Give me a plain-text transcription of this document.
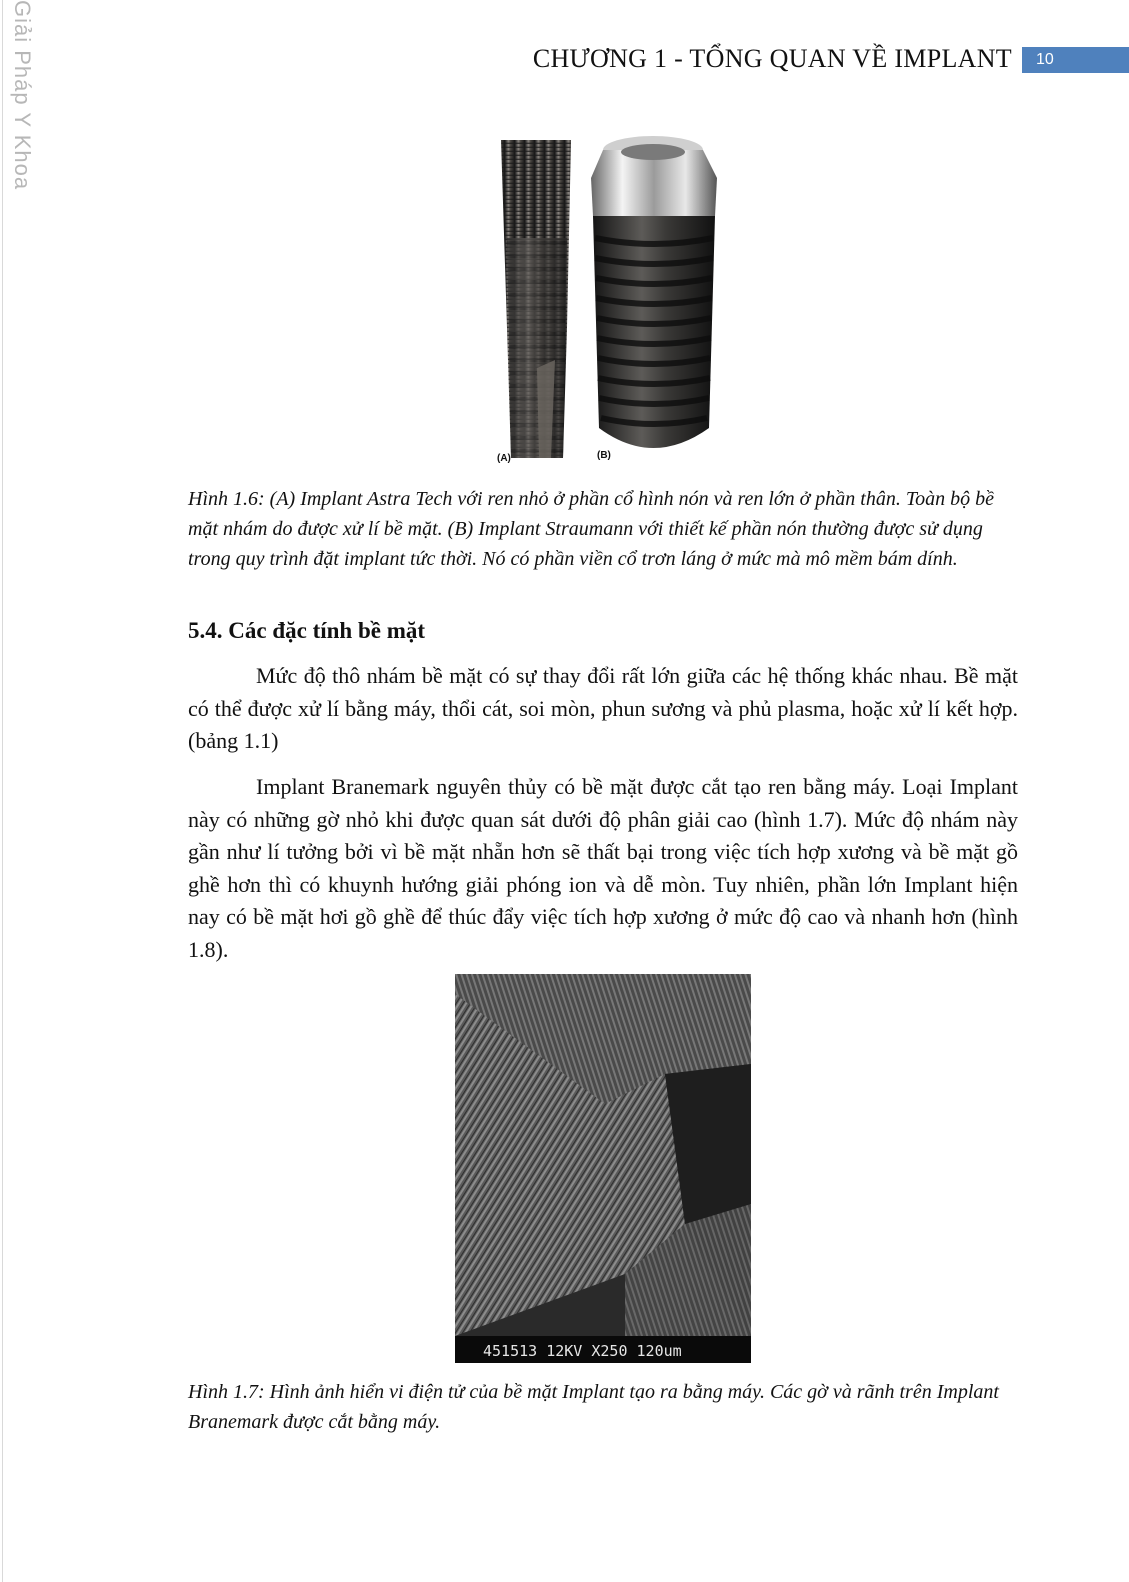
Giải Pháp Y Khoa	CHƯƠNG 1 - TỔNG QUAN VỀ IMPLANT	10
(A)	(B)
Hình 1.6: (A) Implant Astra Tech với ren nhỏ ở phần cổ hình nón và ren lớn ở phần thân. Toàn bộ bề mặt nhám do được xử lí bề mặt. (B) Implant Straumann với thiết kế phần nón thường được sử dụng trong quy trình đặt implant tức thời. Nó có phần viền cổ trơn láng ở mức mà mô mềm bám dính.
5.4. Các đặc tính bề mặt

Mức độ thô nhám bề mặt có sự thay đổi rất lớn giữa các hệ thống khác nhau. Bề mặt có thể được xử lí bằng máy, thổi cát, soi mòn, phun sương và phủ plasma, hoặc xử lí kết hợp. (bảng 1.1)

Implant Branemark nguyên thủy có bề mặt được cắt tạo ren bằng máy. Loại Implant này có những gờ nhỏ khi được quan sát dưới độ phân giải cao (hình 1.7). Mức độ nhám này gần như lí tưởng bởi vì bề mặt nhẵn hơn sẽ thất bại trong việc tích hợp xương và bề mặt gồ ghề hơn thì có khuynh hướng giải phóng ion và dễ mòn. Tuy nhiên, phần lớn Implant hiện nay có bề mặt hơi gồ ghề để thúc đẩy việc tích hợp xương ở mức độ cao và nhanh hơn (hình 1.8).

451513 12KV X250 120um
Hình 1.7: Hình ảnh hiển vi điện tử của bề mặt Implant tạo ra bằng máy. Các gờ và rãnh trên Implant Branemark được cắt bằng máy.
